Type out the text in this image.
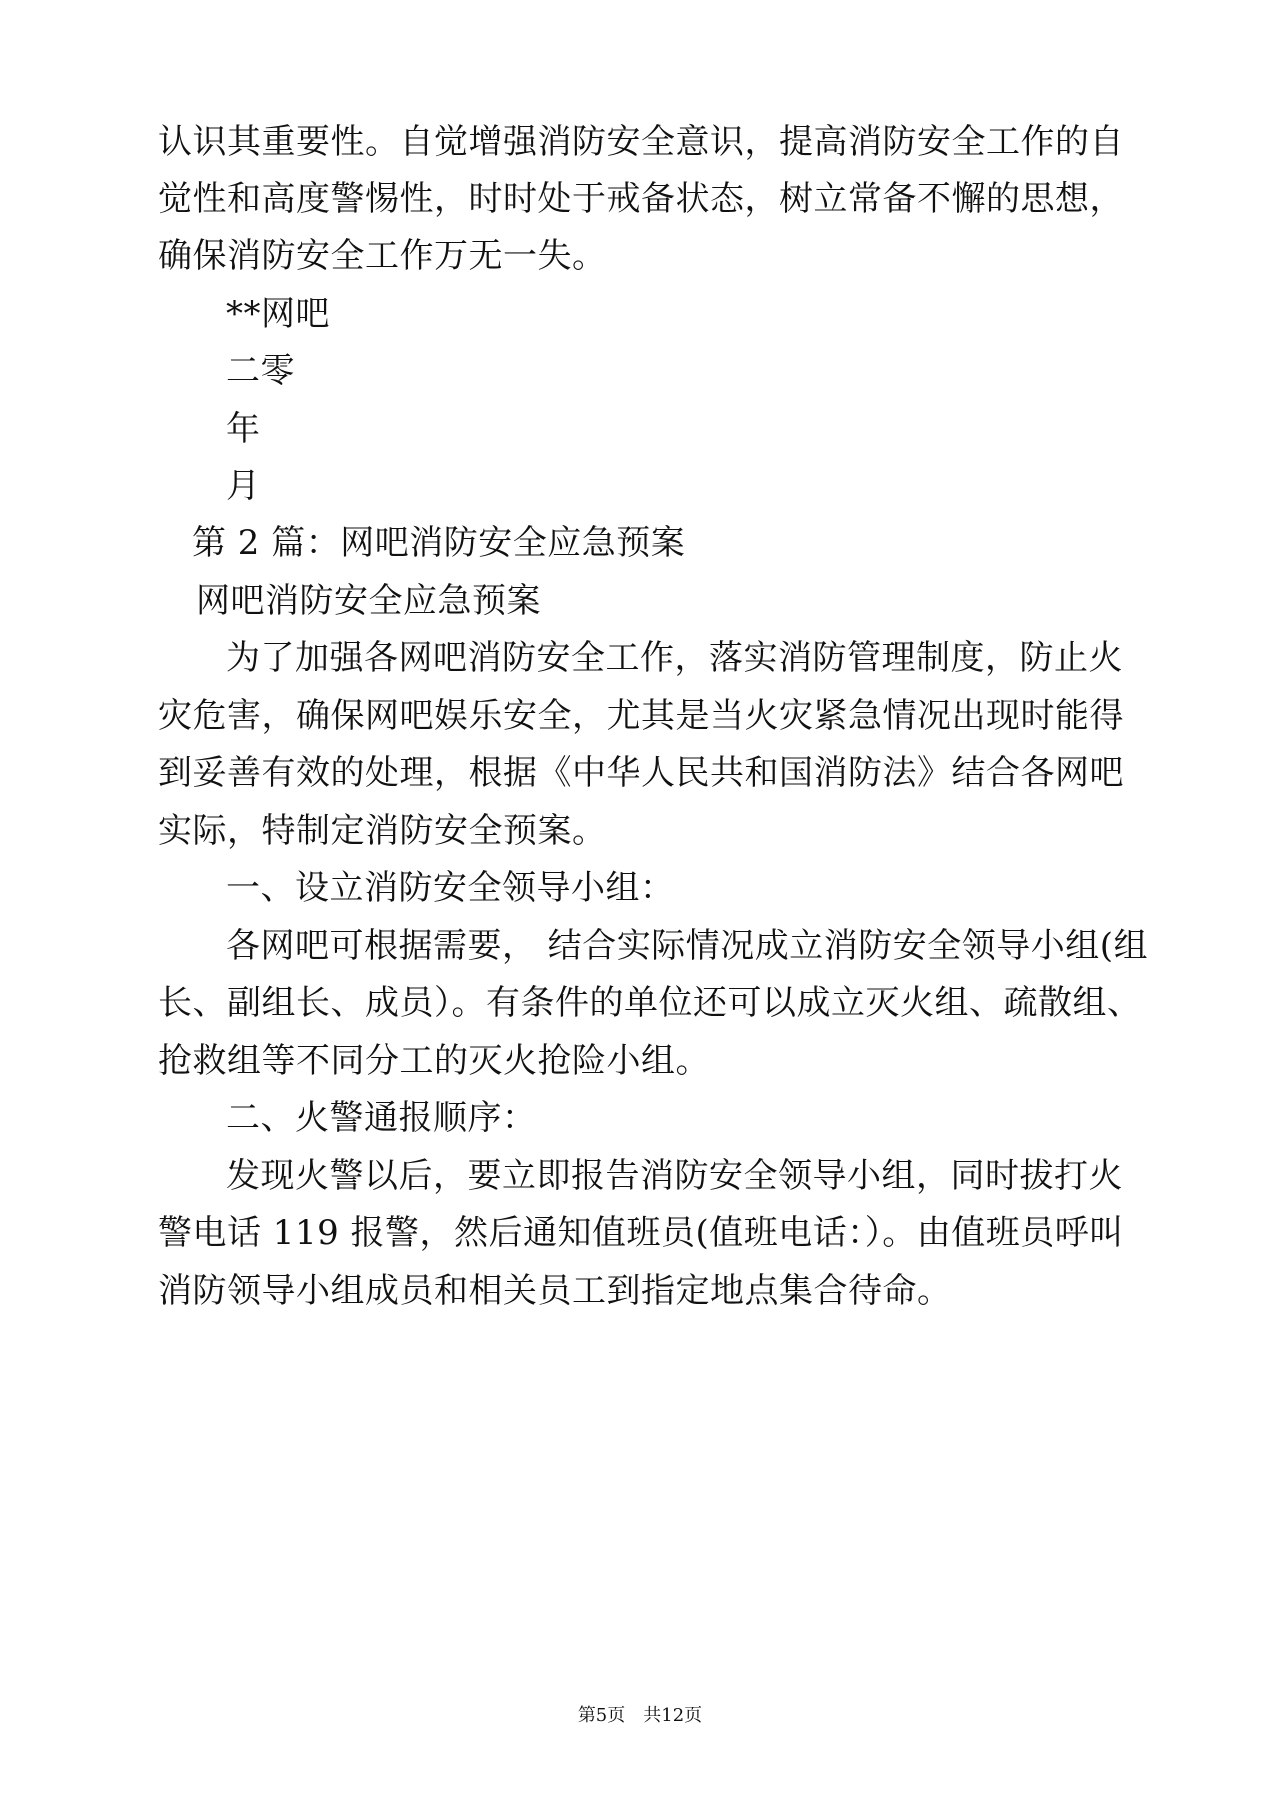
认识其重要性。自觉增强消防安全意识，提高消防安全工作的自
觉性和高度警惕性，时时处于戒备状态，树立常备不懈的思想，
确保消防安全工作万无一失。
**网吧
二零
年
月
第 2 篇：网吧消防安全应急预案
网吧消防安全应急预案
为了加强各网吧消防安全工作，落实消防管理制度，防止火
灾危害，确保网吧娱乐安全，尤其是当火灾紧急情况出现时能得
到妥善有效的处理，根据《中华人民共和国消防法》结合各网吧
实际，特制定消防安全预案。
一、设立消防安全领导小组：
各网吧可根据需要， 结合实际情况成立消防安全领导小组(组
长、副组长、成员）。有条件的单位还可以成立灭火组、疏散组、
抢救组等不同分工的灭火抢险小组。
二、火警通报顺序：
发现火警以后，要立即报告消防安全领导小组，同时拔打火
警电话 119 报警，然后通知值班员(值班电话：）。由值班员呼叫
消防领导小组成员和相关员工到指定地点集合待命。
第5页 共12页
